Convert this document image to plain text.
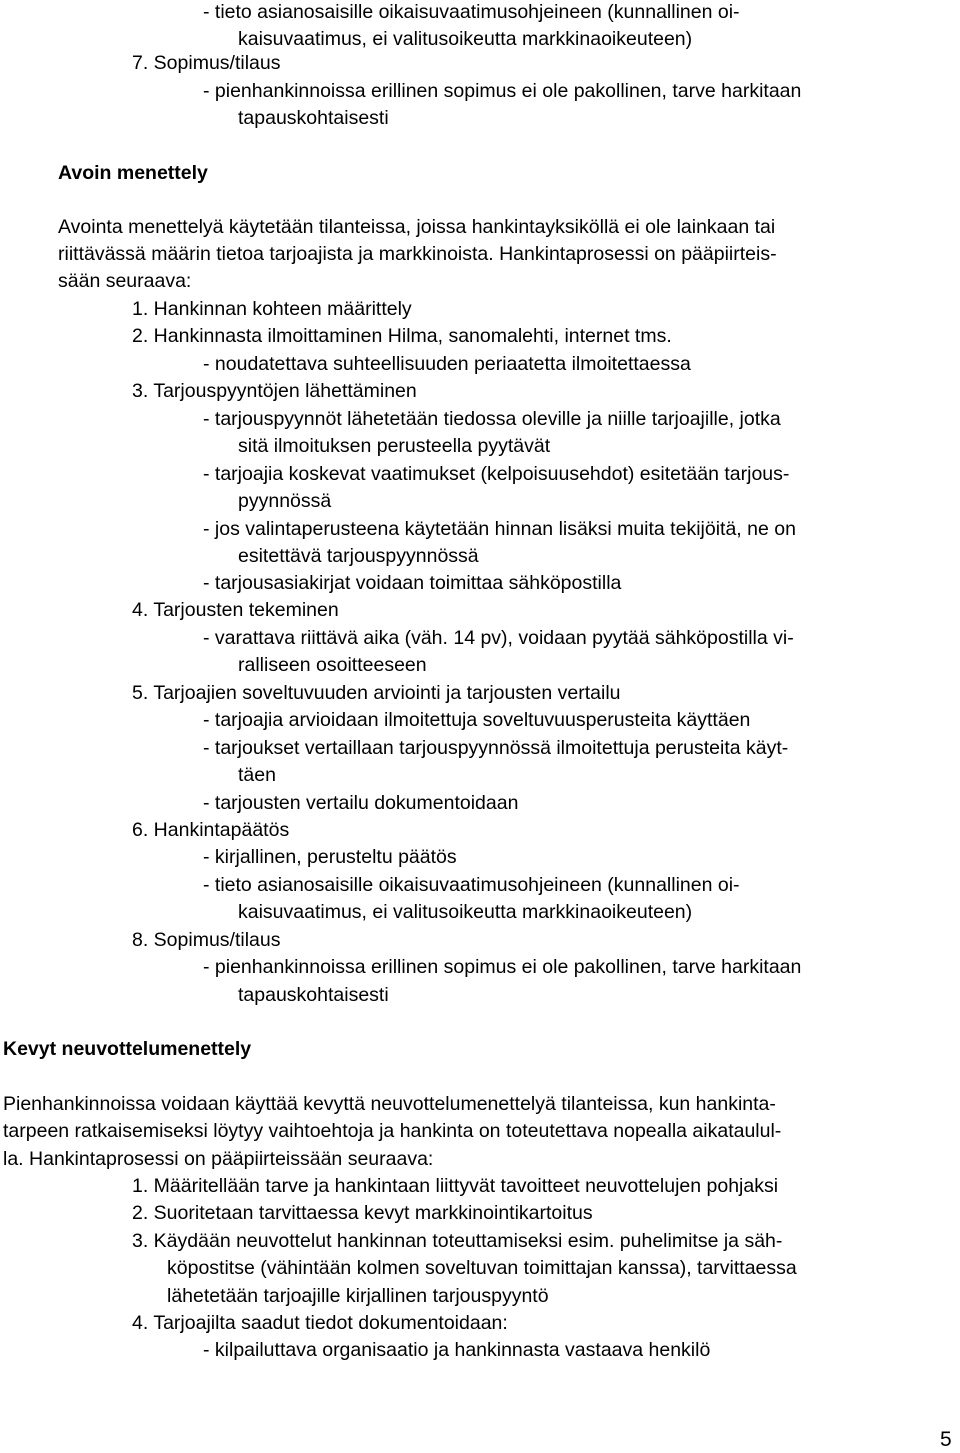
- tieto asianosaisille oikaisuvaatimusohjeineen (kunnallinen oi-
kaisuvaatimus, ei valitusoikeutta markkinaoikeuteen)
7. Sopimus/tilaus
- pienhankinnoissa erillinen sopimus ei ole pakollinen, tarve harkitaan
tapauskohtaisesti
Avoin menettely
Avointa menettelyä käytetään tilanteissa, joissa hankintayksiköllä ei ole lainkaan tai
riittävässä määrin tietoa tarjoajista ja markkinoista. Hankintaprosessi on pääpiirteis-
sään seuraava:
1. Hankinnan kohteen määrittely
2. Hankinnasta ilmoittaminen Hilma, sanomalehti, internet tms.
- noudatettava suhteellisuuden periaatetta ilmoitettaessa
3. Tarjouspyyntöjen lähettäminen
- tarjouspyynnöt lähetetään tiedossa oleville ja niille tarjoajille, jotka
sitä ilmoituksen perusteella pyytävät
- tarjoajia koskevat vaatimukset (kelpoisuusehdot) esitetään tarjous-
pyynnössä
- jos valintaperusteena käytetään hinnan lisäksi muita tekijöitä, ne on
esitettävä tarjouspyynnössä
- tarjousasiakirjat voidaan toimittaa sähköpostilla
4. Tarjousten tekeminen
- varattava riittävä aika (väh. 14 pv), voidaan pyytää sähköpostilla vi-
ralliseen osoitteeseen
5. Tarjoajien soveltuvuuden arviointi ja tarjousten vertailu
- tarjoajia arvioidaan ilmoitettuja soveltuvuusperusteita käyttäen
- tarjoukset vertaillaan tarjouspyynnössä ilmoitettuja perusteita käyt-
täen
- tarjousten vertailu dokumentoidaan
6. Hankintapäätös
- kirjallinen, perusteltu päätös
- tieto asianosaisille oikaisuvaatimusohjeineen (kunnallinen oi-
kaisuvaatimus, ei valitusoikeutta markkinaoikeuteen)
8. Sopimus/tilaus
- pienhankinnoissa erillinen sopimus ei ole pakollinen, tarve harkitaan
tapauskohtaisesti
Kevyt neuvottelumenettely
Pienhankinnoissa voidaan käyttää kevyttä neuvottelumenettelyä tilanteissa, kun hankinta-
tarpeen ratkaisemiseksi löytyy vaihtoehtoja ja hankinta on toteutettava nopealla aikataulul-
la. Hankintaprosessi on pääpiirteissään seuraava:
1. Määritellään tarve ja hankintaan liittyvät tavoitteet neuvottelujen pohjaksi
2. Suoritetaan tarvittaessa kevyt markkinointikartoitus
3. Käydään neuvottelut hankinnan toteuttamiseksi esim. puhelimitse ja säh-
köpostitse (vähintään kolmen soveltuvan toimittajan kanssa), tarvittaessa
lähetetään tarjoajille kirjallinen tarjouspyyntö
4. Tarjoajilta saadut tiedot dokumentoidaan:
- kilpailuttava organisaatio ja hankinnasta vastaava henkilö
5
